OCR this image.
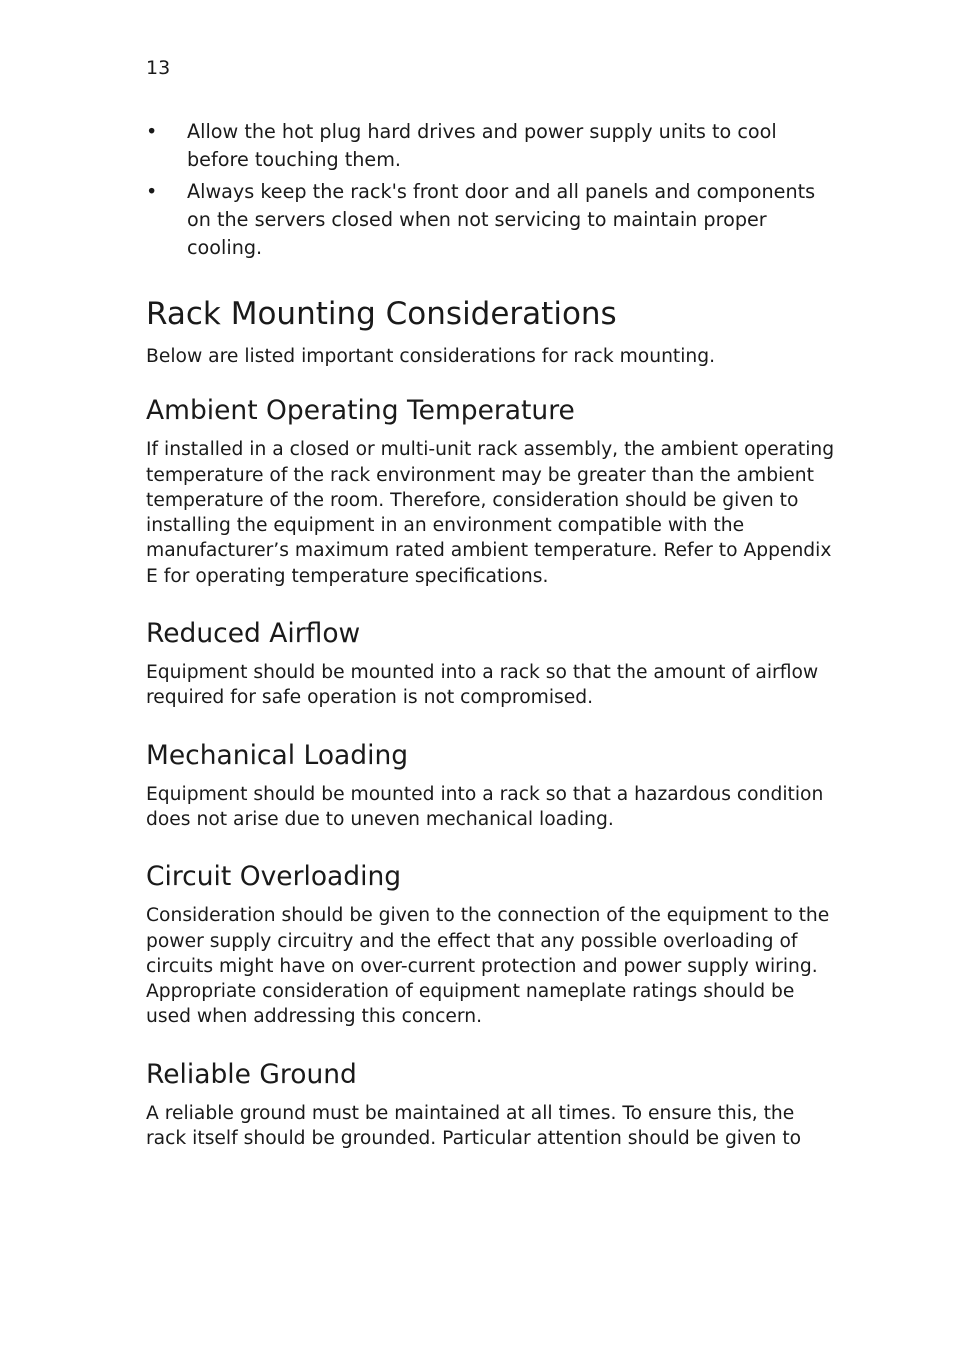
13
•	Allow the hot plug hard drives and power supply units to cool before touching them.
•	Always keep the rack's front door and all panels and components on the servers closed when not servicing to maintain proper cooling.
Rack Mounting Considerations

Below are listed important considerations for rack mounting.

Ambient Operating Temperature

If installed in a closed or multi-unit rack assembly, the ambient operating temperature of the rack environment may be greater than the ambient temperature of the room. Therefore, consideration should be given to installing the equipment in an environment compatible with the manufacturer’s maximum rated ambient temperature. Refer to Appendix E for operating temperature specifications.

Reduced Airflow

Equipment should be mounted into a rack so that the amount of airflow required for safe operation is not compromised.

Mechanical Loading

Equipment should be mounted into a rack so that a hazardous condition does not arise due to uneven mechanical loading.

Circuit Overloading

Consideration should be given to the connection of the equipment to the power supply circuitry and the effect that any possible overloading of circuits might have on over-current protection and power supply wiring. Appropriate consideration of equipment nameplate ratings should be used when addressing this concern.

Reliable Ground

A reliable ground must be maintained at all times. To ensure this, the rack itself should be grounded. Particular attention should be given to
